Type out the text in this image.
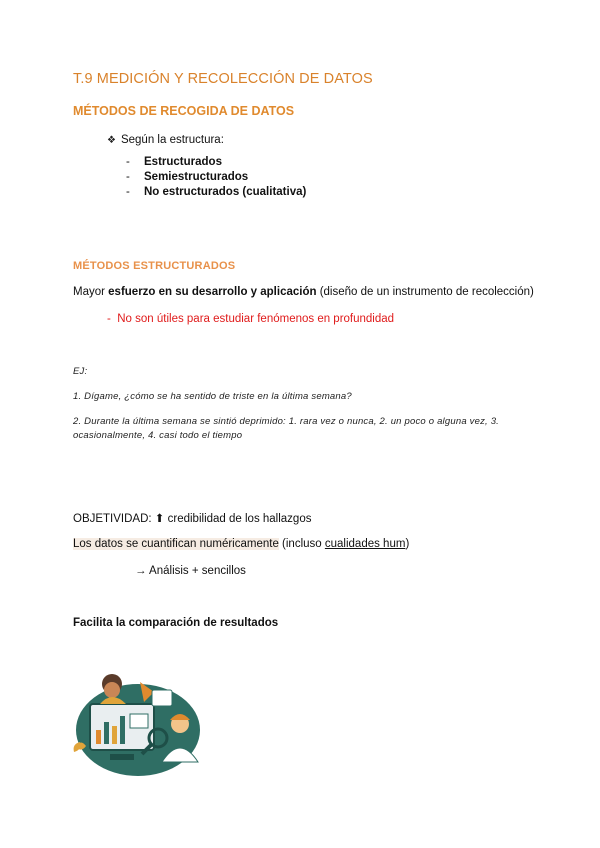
T.9 MEDICIÓN Y RECOLECCIÓN DE DATOS
MÉTODOS DE RECOGIDA DE DATOS
❖ Según la estructura:
- Estructurados
- Semiestructurados
- No estructurados (cualitativa)
MÉTODOS ESTRUCTURADOS
Mayor esfuerzo en su desarrollo y aplicación (diseño de un instrumento de recolección)
-  No son útiles para estudiar fenómenos en profundidad
EJ:
1. Dígame, ¿cómo se ha sentido de triste en la última semana?
2. Durante la última semana se sintió deprimido: 1. rara vez o nunca, 2. un poco o alguna vez, 3.
ocasionalmente, 4. casi todo el tiempo
OBJETIVIDAD: ⬆ credibilidad de los hallazgos
Los datos se cuantifican numéricamente (incluso cualidades hum)
→ Análisis + sencillos
Facilita la comparación de resultados
